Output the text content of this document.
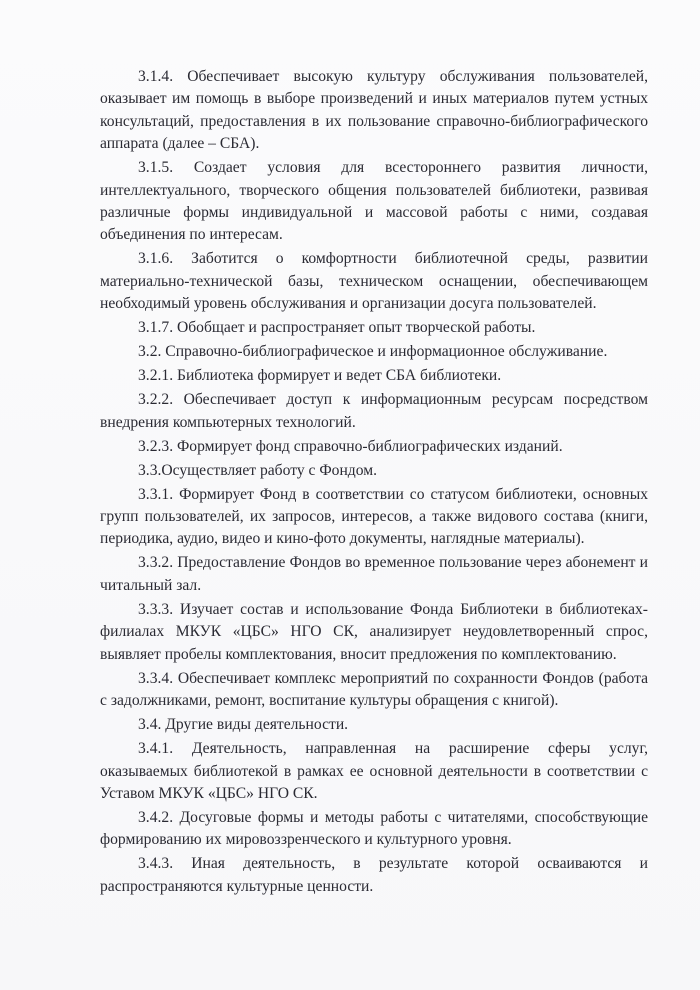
3.1.4. Обеспечивает высокую культуру обслуживания пользователей, оказывает им помощь в выборе произведений и иных материалов путем устных консультаций, предоставления в их пользование справочно-библиографического аппарата (далее – СБА).

3.1.5. Создает условия для всестороннего развития личности, интеллектуального, творческого общения пользователей библиотеки, развивая различные формы индивидуальной и массовой работы с ними, создавая объединения по интересам.

3.1.6. Заботится о комфортности библиотечной среды, развитии материально-технической базы, техническом оснащении, обеспечивающем необходимый уровень обслуживания и организации досуга пользователей.

3.1.7. Обобщает и распространяет опыт творческой работы.

3.2. Справочно-библиографическое и информационное обслуживание.

3.2.1. Библиотека формирует и ведет СБА библиотеки.

3.2.2. Обеспечивает доступ к информационным ресурсам посредством внедрения компьютерных технологий.

3.2.3. Формирует фонд справочно-библиографических изданий.

3.3.Осуществляет работу с Фондом.

3.3.1. Формирует Фонд в соответствии со статусом библиотеки, основных групп пользователей, их запросов, интересов, а также видового состава (книги, периодика, аудио, видео и кино-фото документы, наглядные материалы).

3.3.2. Предоставление Фондов во временное пользование через абонемент и читальный зал.

3.3.3. Изучает состав и использование Фонда Библиотеки в библиотеках-филиалах МКУК «ЦБС» НГО СК, анализирует неудовлетворенный спрос, выявляет пробелы комплектования, вносит предложения по комплектованию.

3.3.4. Обеспечивает комплекс мероприятий по сохранности Фондов (работа с задолжниками, ремонт, воспитание культуры обращения с книгой).

3.4. Другие виды деятельности.

3.4.1. Деятельность, направленная на расширение сферы услуг, оказываемых библиотекой в рамках ее основной деятельности в соответствии с Уставом МКУК «ЦБС» НГО СК.

3.4.2. Досуговые формы и методы работы с читателями, способствующие формированию их мировоззренческого и культурного уровня.

3.4.3. Иная деятельность, в результате которой осваиваются и распространяются культурные ценности.
